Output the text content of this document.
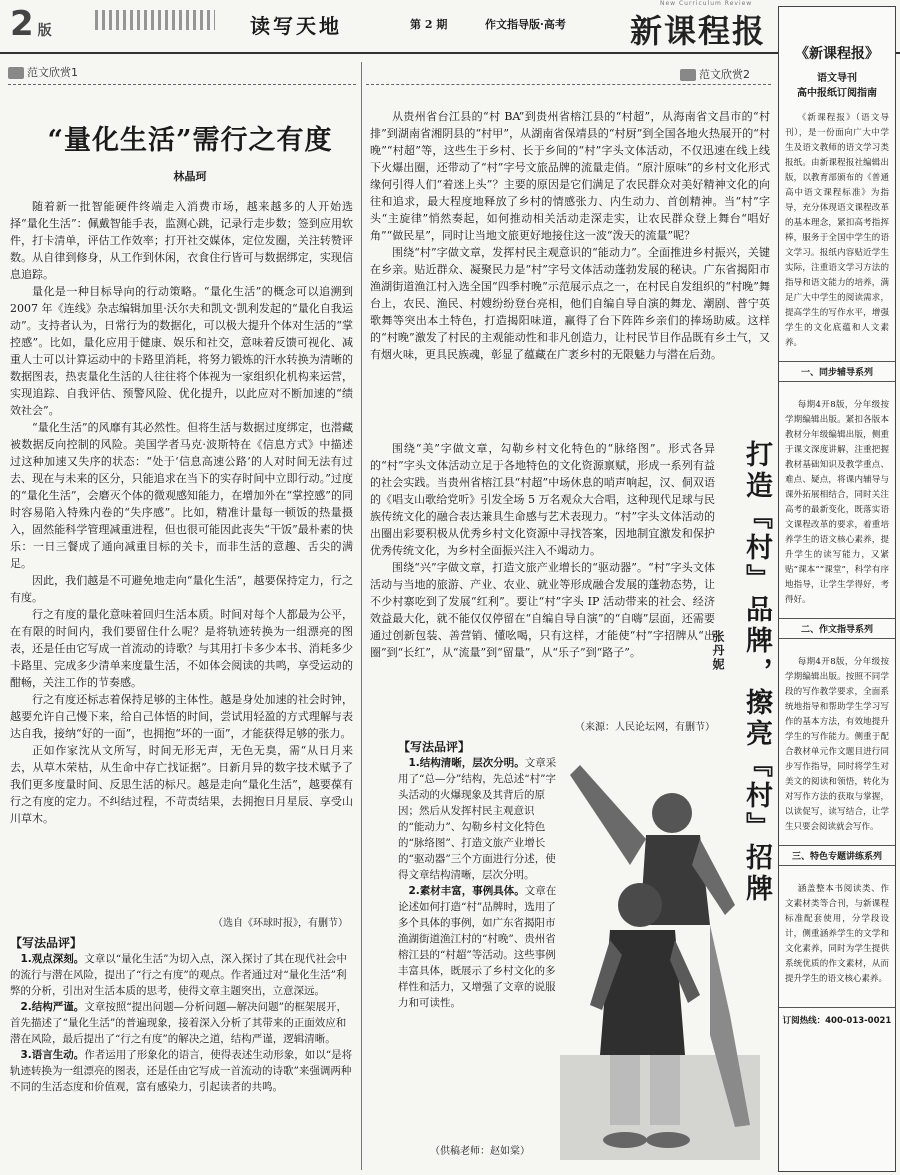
2 版	读写天地	第 2 期	作文指导版·高考
New Curriculum Review
新课程报
范文欣赏1	范文欣赏2
“量化生活”需行之有度
林晶珂

随着新一批智能硬件终端走入消费市场，越来越多的人开始选择“量化生活”：佩戴智能手表，监测心跳，记录行走步数；签到应用软件，打卡清单，评估工作效率；打开社交媒体，定位发圈，关注转赞评数。从自律到修身，从工作到休闲，衣食住行皆可与数据绑定，实现信息追踪。

量化是一种目标导向的行动策略。“量化生活”的概念可以追溯到 2007 年《连线》杂志编辑加里·沃尔夫和凯文·凯利发起的“量化自我运动”。支持者认为，日常行为的数据化，可以极大提升个体对生活的“掌控感”。比如，量化应用于健康、娱乐和社交，意味着反馈可视化、减重人士可以计算运动中的卡路里消耗，将努力锻炼的汗水转换为清晰的数据图表，热衷量化生活的人往往将个体视为一家组织化机构来运营，实现追踪、自我评估、预警风险、优化提升，以此应对不断加速的“绩效社会”。

“量化生活”的风靡有其必然性。但将生活与数据过度绑定，也潜藏被数据反向控制的风险。美国学者马克·波斯特在《信息方式》中描述过这种加速又失序的状态：“处于‘信息高速公路’的人对时间无法有过去、现在与未来的区分，只能追求在当下的实存时间中立即行动。”过度的“量化生活”，会磨灭个体的微观感知能力，在增加外在“掌控感”的同时容易陷入特殊内卷的“失序感”。比如，精准计量每一顿饭的热量摄入，固然能科学管理减重进程，但也很可能因此丧失“干饭”最朴素的快乐：一日三餐成了通向减重目标的关卡，而非生活的意趣、舌尖的满足。

因此，我们越是不可避免地走向“量化生活”，越要保持定力，行之有度。

行之有度的量化意味着回归生活本质。时间对每个人都最为公平，在有限的时间内，我们要留住什么呢？是将轨迹转换为一组漂亮的图表，还是任由它写成一首流动的诗歌？与其用打卡多少本书、消耗多少卡路里、完成多少清单来度量生活，不如体会阅读的共鸣，享受运动的酣畅，关注工作的节奏感。

行之有度还标志着保持足够的主体性。越是身处加速的社会时钟，越要允许自己慢下来，给自己体悟的时间，尝试用轻盈的方式理解与表达自我，接纳“好的一面”，也拥抱“坏的一面”，才能获得足够的张力。

正如作家沈从文所写，时间无形无声，无色无臭，需“从日月来去，从草木荣枯，从生命中存亡找证据”。日新月异的数字技术赋予了我们更多度量时间、反思生活的标尺。越是走向“量化生活”，越要葆有行之有度的定力。不纠结过程，不苛责结果，去拥抱日月星辰、享受山川草木。

（选自《环球时报》，有删节）
【写法品评】

1.观点深刻。文章以“量化生活”为切入点，深入探讨了其在现代社会中的流行与潜在风险，提出了“行之有度”的观点。作者通过对“量化生活”利弊的分析，引出对生活本质的思考，使得文章主题突出，立意深远。

2.结构严谨。文章按照“提出问题—分析问题—解决问题”的框架展开，首先描述了“量化生活”的普遍现象，接着深入分析了其带来的正面效应和潜在风险，最后提出了“行之有度”的解决之道，结构严谨，逻辑清晰。

3.语言生动。作者运用了形象化的语言，使得表述生动形象，如以“是将轨迹转换为一组漂亮的图表，还是任由它写成一首流动的诗歌”来强调两种不同的生活态度和价值观，富有感染力，引起读者的共鸣。

从贵州省台江县的“村 BA”到贵州省榕江县的“村超”，从海南省文昌市的“村排”到湖南省湘阴县的“村甲”，从湖南省保靖县的“村厨”到全国各地火热展开的“村晚”“村超”等，这些生于乡村、长于乡间的“村”字头文体活动，不仅迅速在线上线下火爆出圈，还带动了“村”字号文旅品牌的流量走俏。“原汁原味”的乡村文化形式缘何引得人们“着迷上头”？主要的原因是它们满足了农民群众对美好精神文化的向往和追求，最大程度地释放了乡村的情感张力、内生动力、首创精神。当“村”字头“主旋律”悄然奏起，如何推动相关活动走深走实，让农民群众登上舞台“唱好角”“做民星”，同时让当地文旅更好地接住这一波“泼天的流量”呢？

围绕“村”字做文章，发挥村民主观意识的“能动力”。全面推进乡村振兴，关键在乡亲。贴近群众、凝聚民力是“村”字号文体活动蓬勃发展的秘诀。广东省揭阳市渔湖街道渔江村入选全国“四季村晚”示范展示点之一，在村民自发组织的“村晚”舞台上，农民、渔民、村嫂纷纷登台亮相，他们自编自导自演的舞龙、潮剧、普宁英歌舞等突出本土特色，打造揭阳味道，赢得了台下阵阵乡亲们的捧场助威。这样的“村晚”激发了村民的主观能动性和非凡创造力，让村民节目作品既有乡土气，又有烟火味，更具民族魂，彰显了蕴藏在广袤乡村的无限魅力与潜在后劲。

围绕“美”字做文章，勾勒乡村文化特色的“脉络图”。形式各异的“村”字头文体活动立足于各地特色的文化资源禀赋，形成一系列有益的社会实践。当贵州省榕江县“村超”中场休息的哨声响起，汉、侗双语的《唱支山歌给党听》引发全场 5 万名观众大合唱，这种现代足球与民族传统文化的融合表达兼具生命感与艺术表现力。“村”字头文体活动的出圈出彩要积极从优秀乡村文化资源中寻找答案，因地制宜激发和保护优秀传统文化，为乡村全面振兴注入不竭动力。

围绕“兴”字做文章，打造文旅产业增长的“驱动器”。“村”字头文体活动与当地的旅游、产业、农业、就业等形成融合发展的蓬勃态势，让不少村寨吃到了发展“红利”。要让“村”字头 IP 活动带来的社会、经济效益最大化，就不能仅仅停留在“自编自导自演”的“自嗨”层面，还需要通过创新包装、善营销、懂吆喝，只有这样，才能使“村”字招牌从“出圈”到“长红”，从“流量”到“留量”，从“乐子”到“路子”。

（来源：人民论坛网，有删节） 打造『村』品牌，擦亮『村』招牌
张丹妮
【写法品评】

1.结构清晰，层次分明。文章采用了“总—分”结构，先总述“村”字头活动的火爆现象及其背后的原因；然后从发挥村民主观意识的“能动力”、勾勒乡村文化特色的“脉络图”、打造文旅产业增长的“驱动器”三个方面进行分述，使得文章结构清晰，层次分明。

2.素材丰富，事例具体。文章在论述如何打造“村”品牌时，选用了多个具体的事例，如广东省揭阳市渔湖街道渔江村的“村晚”、贵州省榕江县的“村超”等活动。这些事例丰富具体，既展示了乡村文化的多样性和活力，又增强了文章的说服力和可读性。

（供稿老师：赵如棠）
《新课程报》
语文导刊
高中报纸订阅指南
《新课程报》（语文导刊），是一份面向广大中学生及语文教师的语文学习类报纸。由新课程报社编辑出版，以教育部颁布的《普通高中语文课程标准》为指导，充分体现语文课程改革的基本理念，紧扣高考指挥棒，服务于全国中学生的语文学习。报纸内容贴近学生实际，注重语文学习方法的指导和语文能力的培养，满足广大中学生的阅读需求，提高学生的写作水平，增强学生的文化底蕴和人文素养。
一、同步辅导系列
每期4开8版，分年级按学期编辑出版。紧扣各版本教材分年级编辑出版，侧重于课文深度讲解，注重把握教材基础知识及教学重点、难点、疑点，将课内辅导与课外拓展相结合，同时关注高考的最新变化，既落实语文课程改革的要求，着重培养学生的语文核心素养，提升学生的读写能力，又紧贴“课本”“课堂”，科学有序地指导，让学生学得好，考得好。
二、作文指导系列
每期4开8版，分年级按学期编辑出版。按照不同学段的写作教学要求，全面系统地指导和帮助学生学习写作的基本方法，有效地提升学生的写作能力。侧重于配合教材单元作文题目进行同步写作指导，同时将学生对美文的阅读和领悟，转化为对写作方法的获取与掌握，以读促写，读写结合，让学生只要会阅读就会写作。
三、特色专题讲练系列
涵盖整本书阅读类、作文素材类等合刊，与新课程标准配套使用，分学段设计，侧重涵养学生的文学和文化素养，同时为学生提供系统优质的作文素材，从而提升学生的语文核心素养。
订阅热线：400-013-0021
